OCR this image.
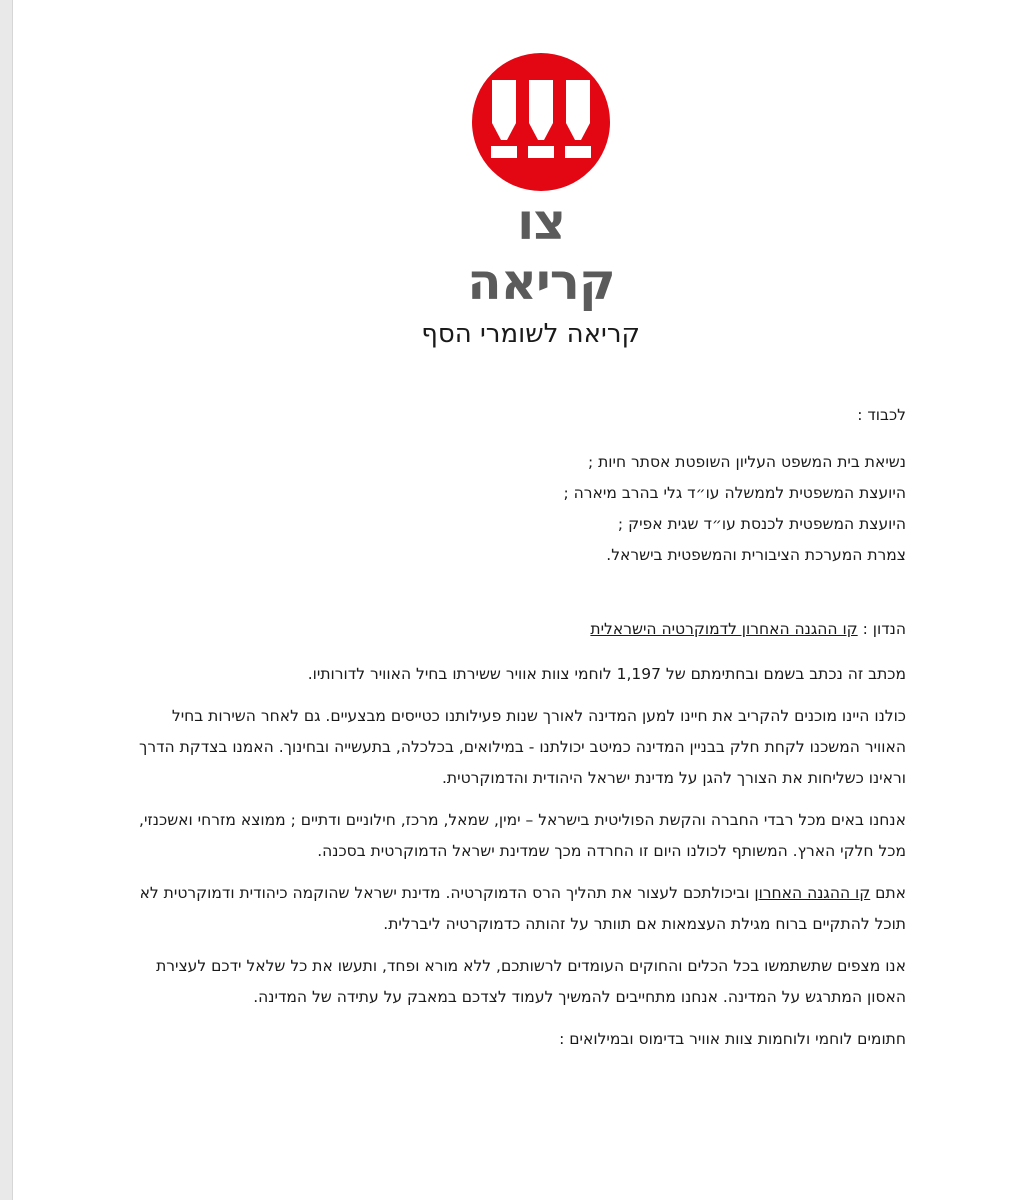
צו קריאה
קריאה לשומרי הסף

לכבוד :

נשיאת בית המשפט העליון השופטת אסתר חיות ;
היועצת המשפטית לממשלה עו״ד גלי בהרב מיארה ;
היועצת המשפטית לכנסת עו״ד שגית אפיק ;
צמרת המערכת הציבורית והמשפטית בישראל.

הנדון : קו ההגנה האחרון לדמוקרטיה הישראלית

מכתב זה נכתב בשמם ובחתימתם של 1,197 לוחמי צוות אוויר ששירתו בחיל האוויר לדורותיו.

כולנו היינו מוכנים להקריב את חיינו למען המדינה לאורך שנות פעילותנו כטייסים מבצעיים. גם לאחר השירות בחיל האוויר המשכנו לקחת חלק בבניין המדינה כמיטב יכולתנו - במילואים, בכלכלה, בתעשייה ובחינוך. האמנו בצדקת הדרך וראינו כשליחות את הצורך להגן על מדינת ישראל היהודית והדמוקרטית.

אנחנו באים מכל רבדי החברה והקשת הפוליטית בישראל – ימין, שמאל, מרכז, חילוניים ודתיים ; ממוצא מזרחי ואשכנזי, מכל חלקי הארץ. המשותף לכולנו היום זו החרדה מכך שמדינת ישראל הדמוקרטית בסכנה.

אתם קו ההגנה האחרון וביכולתכם לעצור את תהליך הרס הדמוקרטיה. מדינת ישראל שהוקמה כיהודית ודמוקרטית לא תוכל להתקיים ברוח מגילת העצמאות אם תוותר על זהותה כדמוקרטיה ליברלית.

אנו מצפים שתשתמשו בכל הכלים והחוקים העומדים לרשותכם, ללא מורא ופחד, ותעשו את כל שלאל ידכם לעצירת האסון המתרגש על המדינה. אנחנו מתחייבים להמשיך לעמוד לצדכם במאבק על עתידה של המדינה.

חתומים לוחמי ולוחמות צוות אוויר בדימוס ובמילואים :
